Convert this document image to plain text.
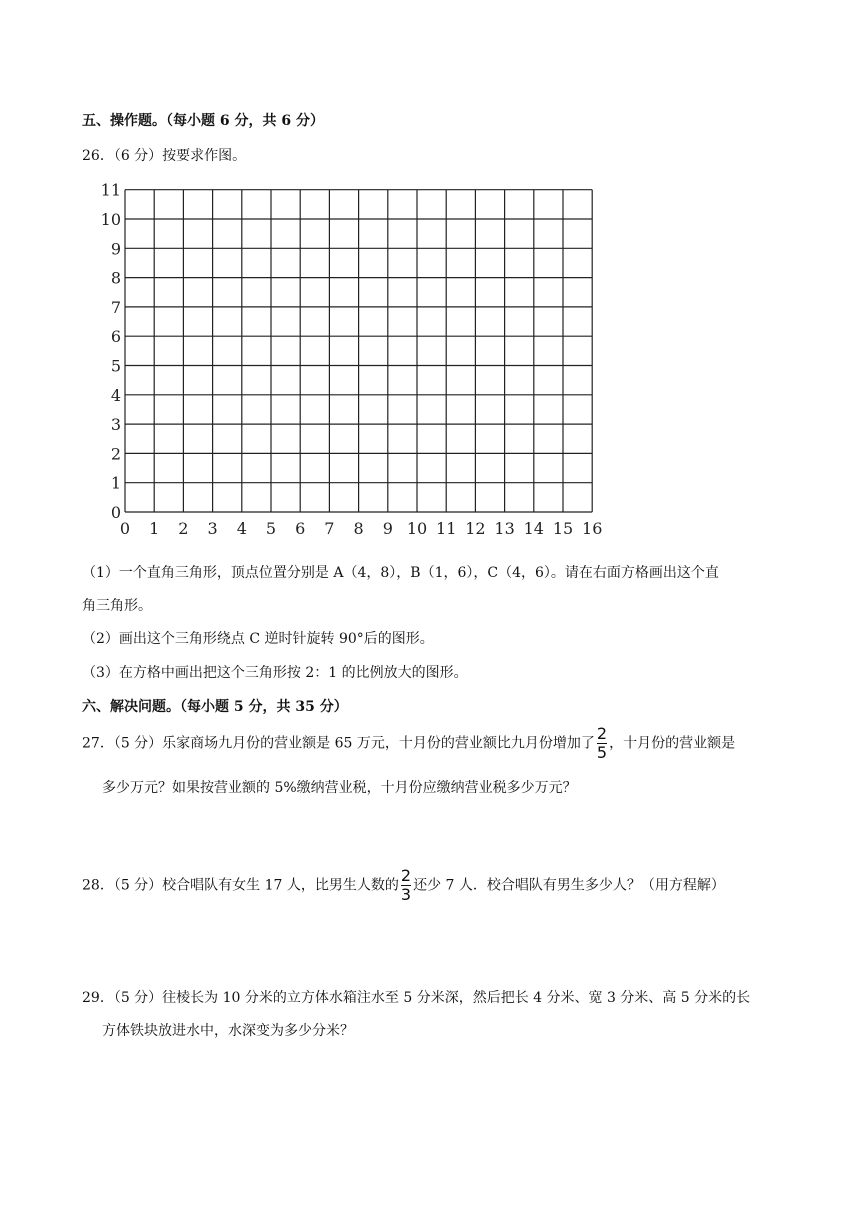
五、操作题。（每小题 6 分，共 6 分）
26．（6 分）按要求作图。
0 1 2 3 4 5 6 7 8 9 10 11 12 13 14 15 16
0
1
2
3
4
5
6
7
8
9
10
11
（1）一个直角三角形，顶点位置分别是 A（4，8），B（1，6），C（4，6）。请在右面方格画出这个直
角三角形。
（2）画出这个三角形绕点 C 逆时针旋转 90°后的图形。
（3）在方格中画出把这个三角形按 2：1 的比例放大的图形。
六、解决问题。（每小题 5 分，共 35 分）
27．（5 分）乐家商场九月份的营业额是 65 万元，十月份的营业额比九月份增加了 $\frac{2}{5}$ ，十月份的营业额是
多少万元？如果按营业额的 5%缴纳营业税，十月份应缴纳营业税多少万元？
28．（5 分）校合唱队有女生 17 人，比男生人数的 $\frac{2}{3}$ 还少 7 人．校合唱队有男生多少人？（用方程解）
29．（5 分）往棱长为 10 分米的立方体水箱注水至 5 分米深，然后把长 4 分米、宽 3 分米、高 5 分米的长
方体铁块放进水中，水深变为多少分米？
